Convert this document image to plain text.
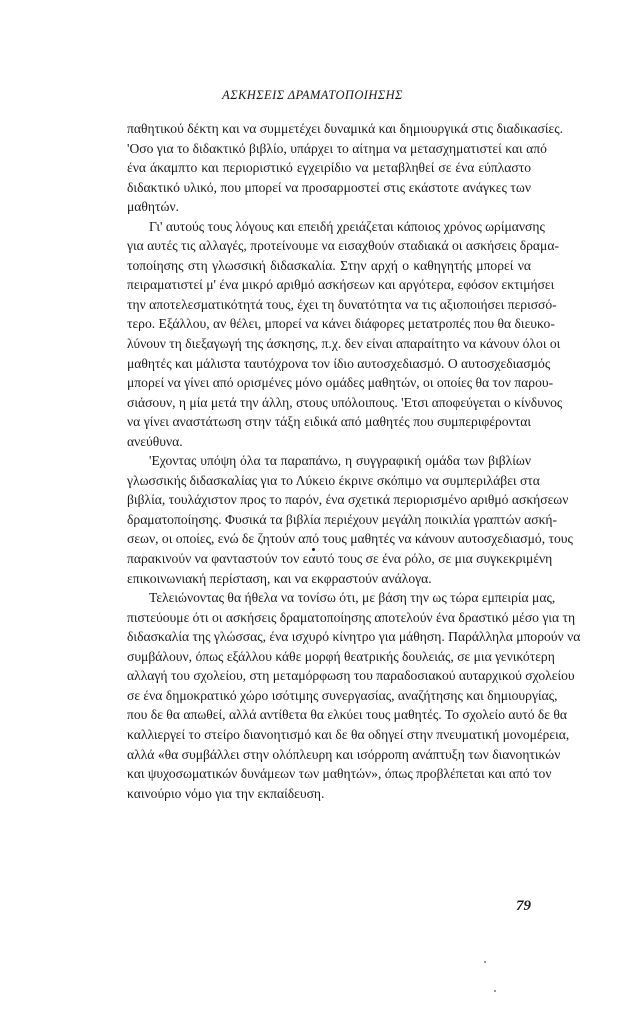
ΑΣΚΗΣΕΙΣ ΔΡΑΜΑΤΟΠΟΙΗΣΗΣ
παθητικού δέκτη και να συμμετέχει δυναμικά και δημιουργικά στις διαδικασίες.
'Οσο για το διδακτικό βιβλίο, υπάρχει το αίτημα να μετασχηματιστεί και από
ένα άκαμπτο και περιοριστικό εγχειρίδιο να μεταβληθεί σε ένα εύπλαστο
διδακτικό υλικό, που μπορεί να προσαρμοστεί στις εκάστοτε ανάγκες των
μαθητών.
Γι' αυτούς τους λόγους και επειδή χρειάζεται κάποιος χρόνος ωρίμανσης
για αυτές τις αλλαγές, προτείνουμε να εισαχθούν σταδιακά οι ασκήσεις δραμα-
τοποίησης στη γλωσσική διδασκαλία. Στην αρχή ο καθηγητής μπορεί να
πειραματιστεί μ' ένα μικρό αριθμό ασκήσεων και αργότερα, εφόσον εκτιμήσει
την αποτελεσματικότητά τους, έχει τη δυνατότητα να τις αξιοποιήσει περισσό-
τερο. Εξάλλου, αν θέλει, μπορεί να κάνει διάφορες μετατροπές που θα διευκο-
λύνουν τη διεξαγωγή της άσκησης, π.χ. δεν είναι απαραίτητο να κάνουν όλοι οι
μαθητές και μάλιστα ταυτόχρονα τον ίδιο αυτοσχεδιασμό. Ο αυτοσχεδιασμός
μπορεί να γίνει από ορισμένες μόνο ομάδες μαθητών, οι οποίες θα τον παρου-
σιάσουν, η μία μετά την άλλη, στους υπόλοιπους. 'Ετσι αποφεύγεται ο κίνδυνος
να γίνει αναστάτωση στην τάξη ειδικά από μαθητές που συμπεριφέρονται
ανεύθυνα.
'Εχοντας υπόψη όλα τα παραπάνω, η συγγραφική ομάδα των βιβλίων
γλωσσικής διδασκαλίας για το Λύκειο έκρινε σκόπιμο να συμπεριλάβει στα
βιβλία, τουλάχιστον προς το παρόν, ένα σχετικά περιορισμένο αριθμό ασκήσεων
δραματοποίησης. Φυσικά τα βιβλία περιέχουν μεγάλη ποικιλία γραπτών ασκή-
σεων, οι οποίες, ενώ δε ζητούν από τους μαθητές να κάνουν αυτοσχεδιασμό, τους
παρακινούν να φανταστούν τον εαυτό τους σε ένα ρόλο, σε μια συγκεκριμένη
επικοινωνιακή περίσταση, και να εκφραστούν ανάλογα.
Τελειώνοντας θα ήθελα να τονίσω ότι, με βάση την ως τώρα εμπειρία μας,
πιστεύουμε ότι οι ασκήσεις δραματοποίησης αποτελούν ένα δραστικό μέσο για τη
διδασκαλία της γλώσσας, ένα ισχυρό κίνητρο για μάθηση. Παράλληλα μπορούν να
συμβάλουν, όπως εξάλλου κάθε μορφή θεατρικής δουλειάς, σε μια γενικότερη
αλλαγή του σχολείου, στη μεταμόρφωση του παραδοσιακού αυταρχικού σχολείου
σε ένα δημοκρατικό χώρο ισότιμης συνεργασίας, αναζήτησης και δημιουργίας,
που δε θα απωθεί, αλλά αντίθετα θα ελκύει τους μαθητές. Το σχολείο αυτό δε θα
καλλιεργεί το στείρο διανοητισμό και δε θα οδηγεί στην πνευματική μονομέρεια,
αλλά «θα συμβάλλει στην ολόπλευρη και ισόρροπη ανάπτυξη των διανοητικών
και ψυχοσωματικών δυνάμεων των μαθητών», όπως προβλέπεται και από τον
καινούριο νόμο για την εκπαίδευση.
79
